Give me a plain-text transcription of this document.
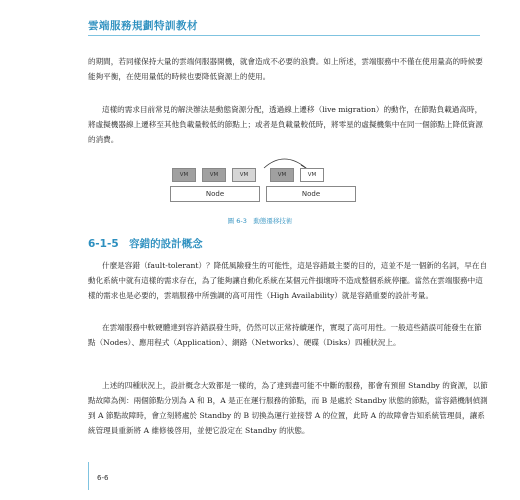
雲端服務規劃特訓教材

的期間，若同樣保持大量的雲端伺服器開機，就會造成不必要的浪費。如上所述，雲端服務中不僅在使用量高的時候要能夠平衡，在使用量低的時候也要降低資源上的使用。

這樣的需求目前常見的解決辦法是動態資源分配，透過線上遷移（live migration）的動作，在節點負載過高時，將虛擬機器線上遷移至其他負載量較低的節點上；或者是負載量較低時，將零星的虛擬機集中在同一個節點上降低資源的消費。

VM	VM	VM	VM	VM
Node	Node
圖 6-3　動態遷移技術
6-1-5　容錯的設計概念

什麼是容錯（fault-tolerant）？降低風險發生的可能性，這是容錯最主要的目的，這並不是一個新的名詞，早在自動化系統中就有這樣的需求存在，為了能夠讓自動化系統在某個元件損壞時不造成整個系統停擺。當然在雲端服務中這樣的需求也是必要的，雲端服務中所強調的高可用性（High Availability）就是容錯重要的設計考量。

在雲端服務中軟硬體達到容許錯誤發生時，仍然可以正常持續運作，實現了高可用性。一般這些錯誤可能發生在節點（Nodes）、應用程式（Application）、網路（Networks）、硬碟（Disks）四種狀況上。

上述的四種狀況上，設計概念大致都是一樣的，為了達到盡可能不中斷的服務，都會有預留 Standby 的資源，以節點故障為例：兩個節點分別為 A 和 B，A 是正在運行服務的節點，而 B 是處於 Standby 狀態的節點，當容錯機制偵測到 A 節點故障時，會立刻將處於 Standby 的 B 切換為運行並接替 A 的位置，此時 A 的故障會告知系統管理員，讓系統管理員重新將 A 維修後啓用，並便它設定在 Standby 的狀態。

6-6
